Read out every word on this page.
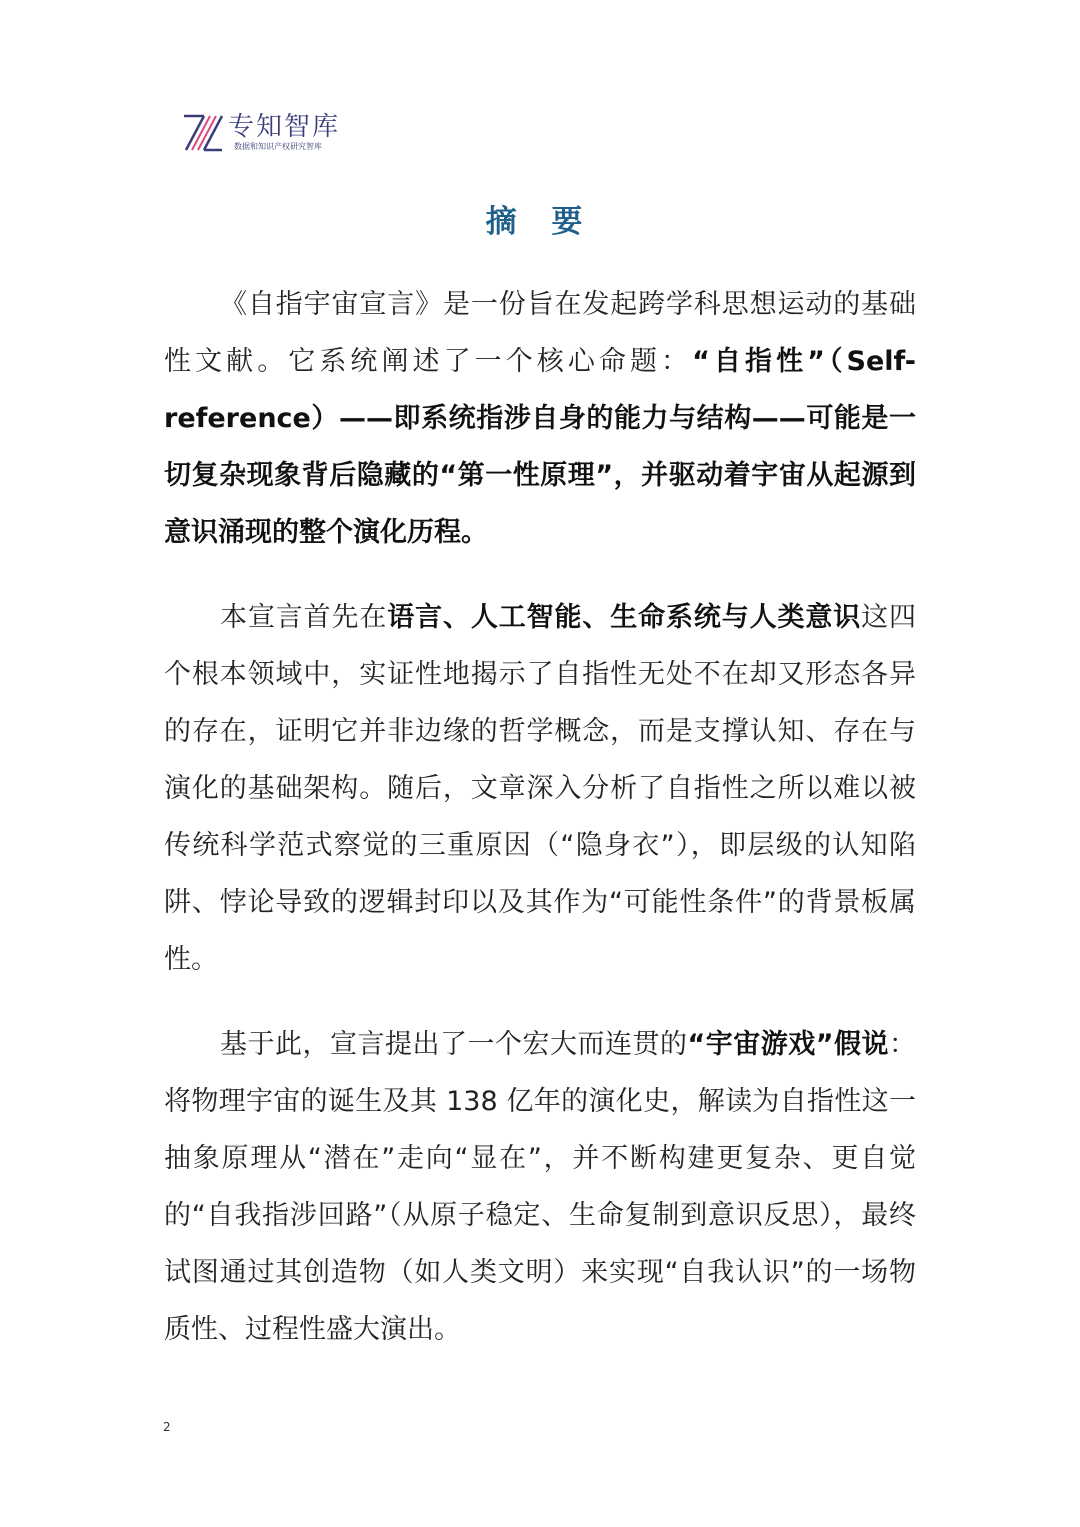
专知智库
数据和知识产权研究智库
摘 要

《自指宇宙宣言》是一份旨在发起跨学科思想运动的基础性文献。它系统阐述了一个核心命题：“自指性”（Self-reference）——即系统指涉自身的能力与结构——可能是一切复杂现象背后隐藏的“第一性原理”，并驱动着宇宙从起源到意识涌现的整个演化历程。

本宣言首先在语言、人工智能、生命系统与人类意识这四个根本领域中，实证性地揭示了自指性无处不在却又形态各异的存在，证明它并非边缘的哲学概念，而是支撑认知、存在与演化的基础架构。随后，文章深入分析了自指性之所以难以被传统科学范式察觉的三重原因（“隐身衣”），即层级的认知陷阱、悖论导致的逻辑封印以及其作为“可能性条件”的背景板属性。

基于此，宣言提出了一个宏大而连贯的“宇宙游戏”假说：将物理宇宙的诞生及其 138 亿年的演化史，解读为自指性这一抽象原理从“潜在”走向“显在”，并不断构建更复杂、更自觉的“自我指涉回路”（从原子稳定、生命复制到意识反思），最终试图通过其创造物（如人类文明）来实现“自我认识”的一场物质性、过程性盛大演出。

2
